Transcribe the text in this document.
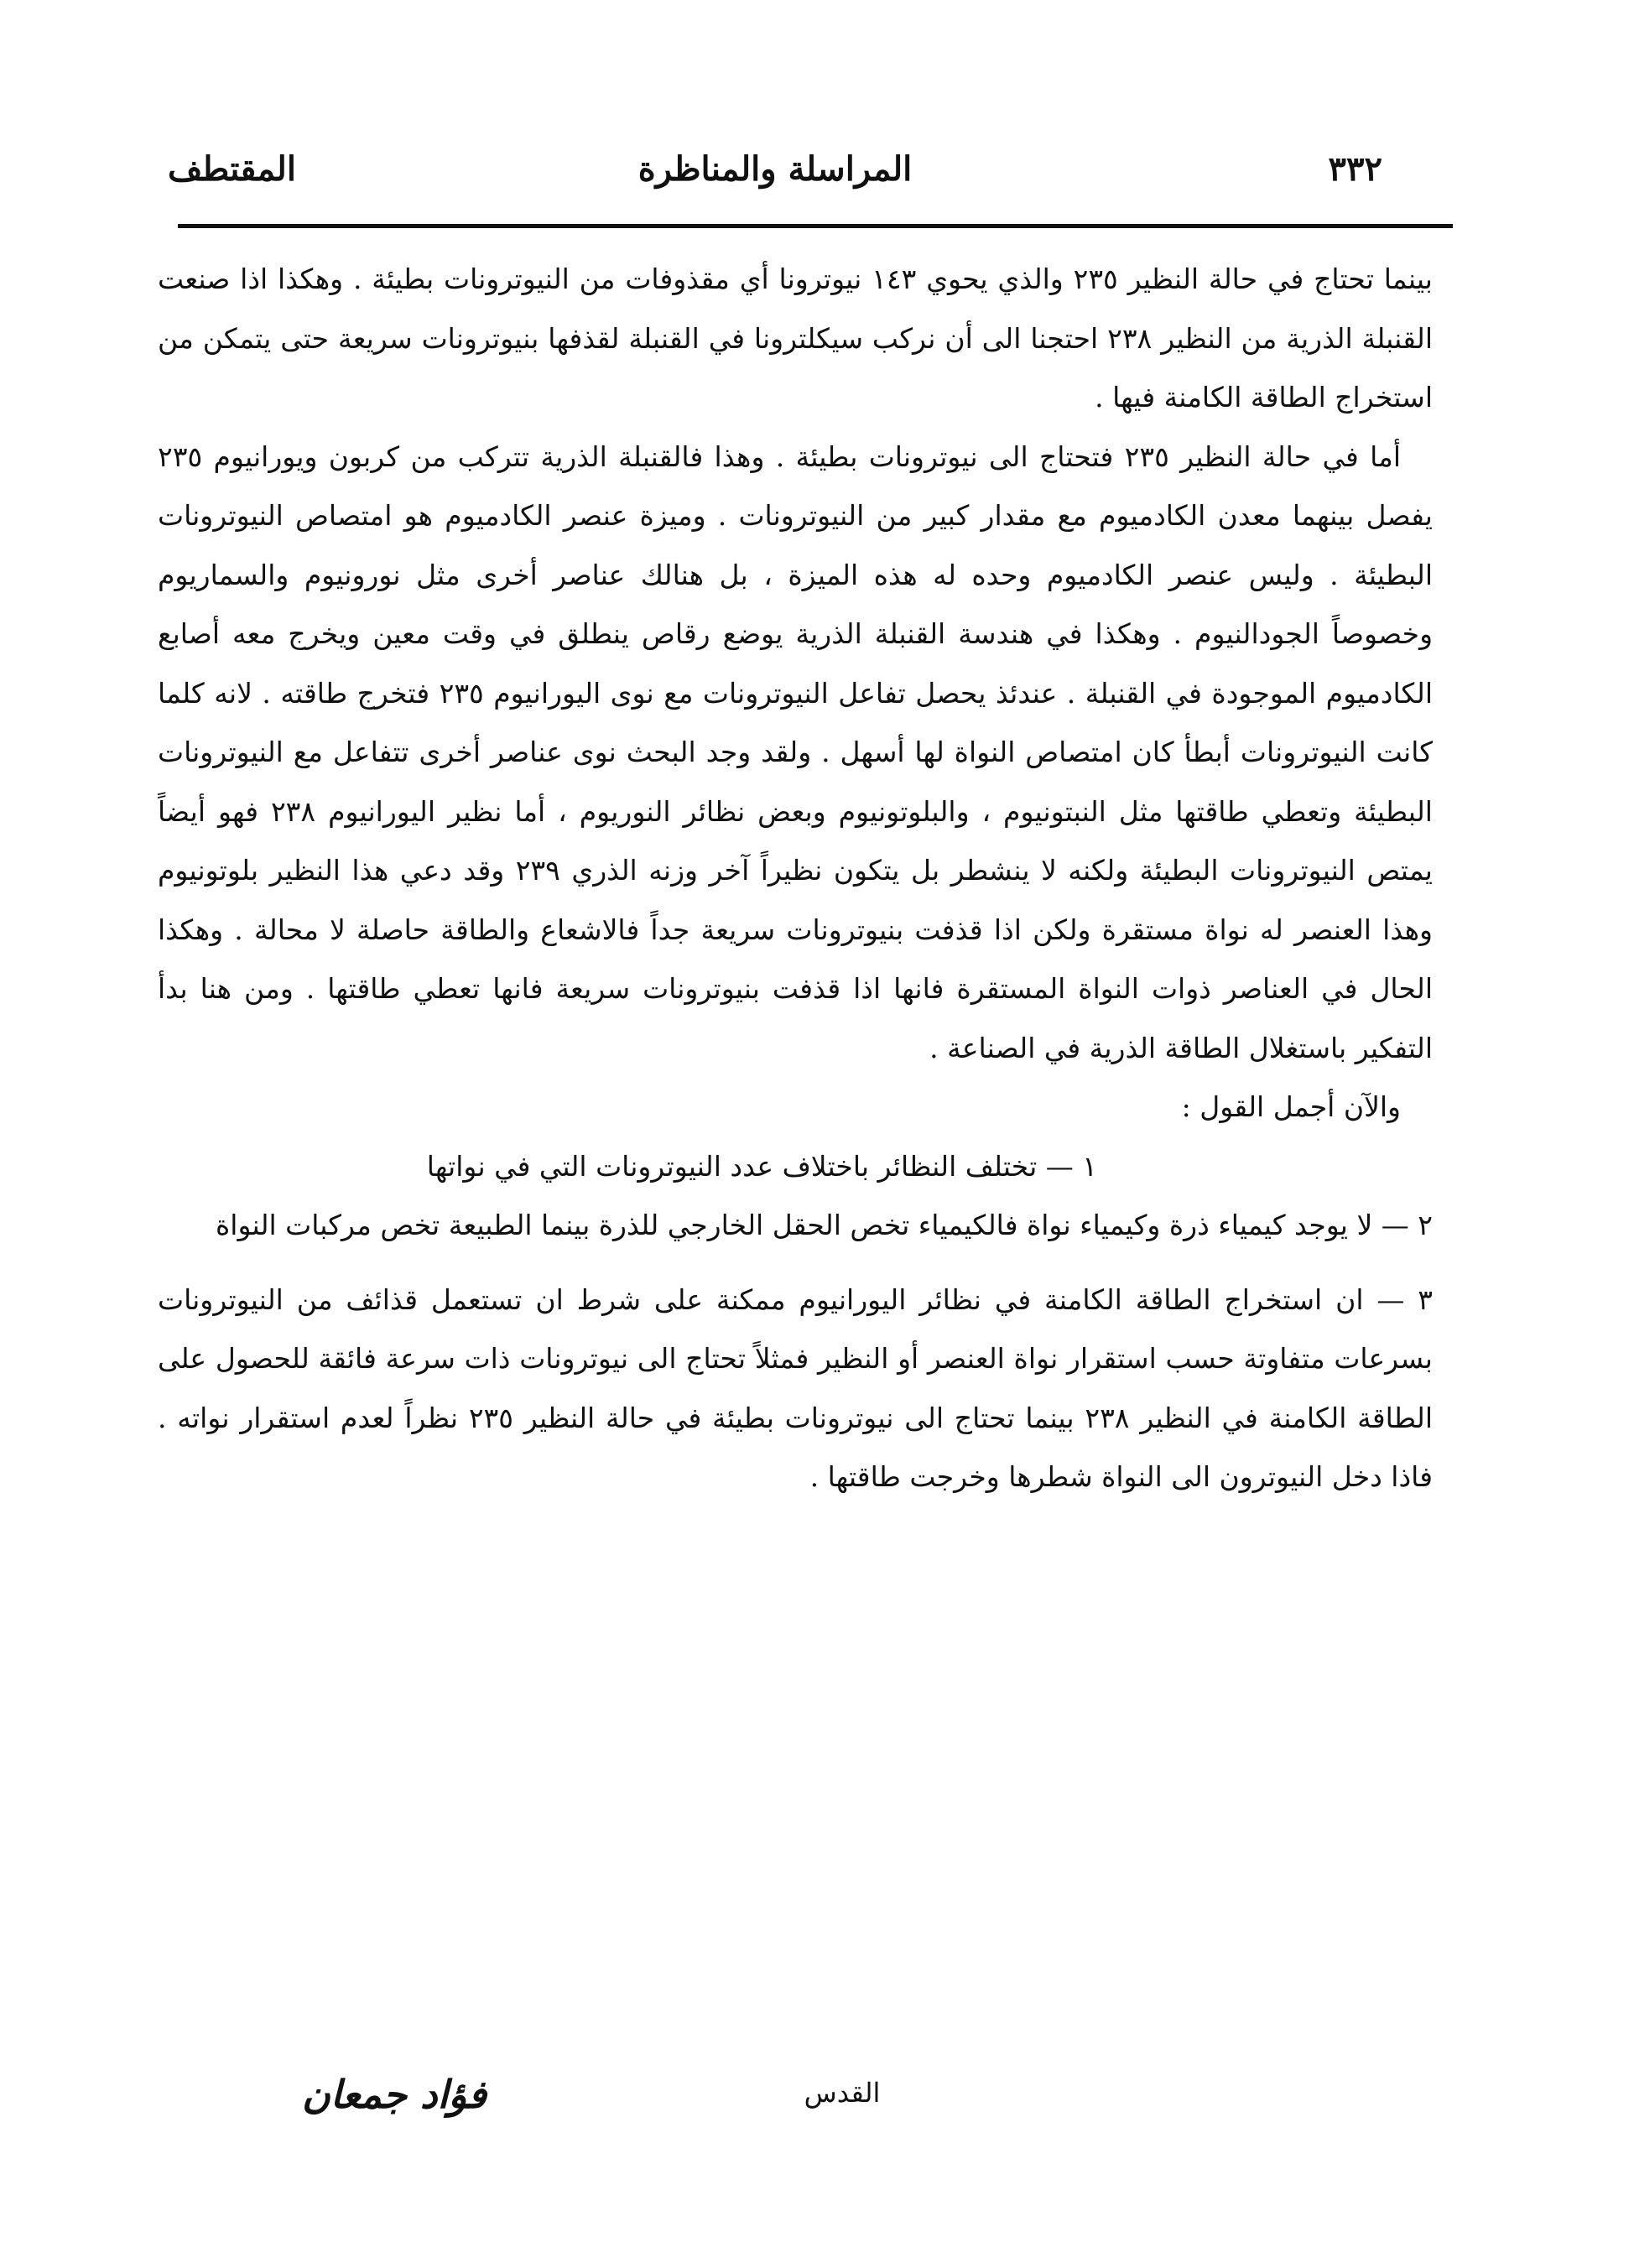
٣٣٢
المراسلة والمناظرة
المقتطف

بينما تحتاج في حالة النظير ٢٣٥ والذي يحوي ١٤٣ نيوترونا أي مقذوفات من النيوترونات بطيئة . وهكذا اذا صنعت القنبلة الذرية من النظير ٢٣٨ احتجنا الى أن نركب سيكلترونا في القنبلة لقذفها بنيوترونات سريعة حتى يتمكن من استخراج الطاقة الكامنة فيها .

أما في حالة النظير ٢٣٥ فتحتاج الى نيوترونات بطيئة . وهذا فالقنبلة الذرية تتركب من كربون ويورانيوم ٢٣٥ يفصل بينهما معدن الكادميوم مع مقدار كبير من النيوترونات . وميزة عنصر الكادميوم هو امتصاص النيوترونات البطيئة . وليس عنصر الكادميوم وحده له هذه الميزة ، بل هنالك عناصر أخرى مثل نورونيوم والسماريوم وخصوصاً الجودالنيوم . وهكذا في هندسة القنبلة الذرية يوضع رقاص ينطلق في وقت معين ويخرج معه أصابع الكادميوم الموجودة في القنبلة . عندئذ يحصل تفاعل النيوترونات مع نوى اليورانيوم ٢٣٥ فتخرج طاقته . لانه كلما كانت النيوترونات أبطأ كان امتصاص النواة لها أسهل . ولقد وجد البحث نوى عناصر أخرى تتفاعل مع النيوترونات البطيئة وتعطي طاقتها مثل النبتونيوم ، والبلوتونيوم وبعض نظائر النوريوم ، أما نظير اليورانيوم ٢٣٨ فهو أيضاً يمتص النيوترونات البطيئة ولكنه لا ينشطر بل يتكون نظيراً آخر وزنه الذري ٢٣٩ وقد دعي هذا النظير بلوتونيوم وهذا العنصر له نواة مستقرة ولكن اذا قذفت بنيوترونات سريعة جداً فالاشعاع والطاقة حاصلة لا محالة . وهكذا الحال في العناصر ذوات النواة المستقرة فانها اذا قذفت بنيوترونات سريعة فانها تعطي طاقتها . ومن هنا بدأ التفكير باستغلال الطاقة الذرية في الصناعة .

والآن أجمل القول :

١ — تختلف النظائر باختلاف عدد النيوترونات التي في نواتها

٢ — لا يوجد كيمياء ذرة وكيمياء نواة فالكيمياء تخص الحقل الخارجي للذرة بينما الطبيعة تخص مركبات النواة

٣ — ان استخراج الطاقة الكامنة في نظائر اليورانيوم ممكنة على شرط ان تستعمل قذائف من النيوترونات بسرعات متفاوتة حسب استقرار نواة العنصر أو النظير فمثلاً تحتاج الى نيوترونات ذات سرعة فائقة للحصول على الطاقة الكامنة في النظير ٢٣٨ بينما تحتاج الى نيوترونات بطيئة في حالة النظير ٢٣٥ نظراً لعدم استقرار نواته . فاذا دخل النيوترون الى النواة شطرها وخرجت طاقتها .

القدس
فؤاد جمعان
